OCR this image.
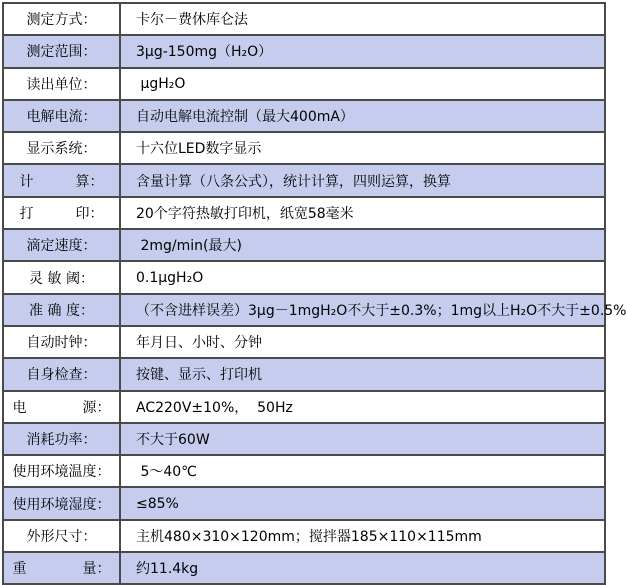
测定方式：	卡尔－费休库仑法
测定范围：	3μg-150mg（H₂O）
读出单位：	μgH₂O
电解电流：	自动电解电流控制（最大400mA）
显示系统：	十六位LED数字显示
计　　　算：	含量计算（八条公式），统计计算，四则运算，换算
打　　　印：	20个字符热敏打印机，纸宽58毫米
滴定速度：	2mg/min(最大)
灵 敏 阈：	0.1μgH₂O
准 确 度：	（不含进样误差）3μg－1mgH₂O不大于±0.3%；1mg以上H₂O不大于±0.5%
自动时钟：	年月日、小时、分钟
自身检查：	按键、显示、打印机
电　　　　源：	AC220V±10%，  50Hz
消耗功率：	不大于60W
使用环境温度：	5～40℃
使用环境湿度：	≤85%
外形尺寸：	主机480×310×120mm；搅拌器185×110×115mm
重　　　　量：	约11.4kg
